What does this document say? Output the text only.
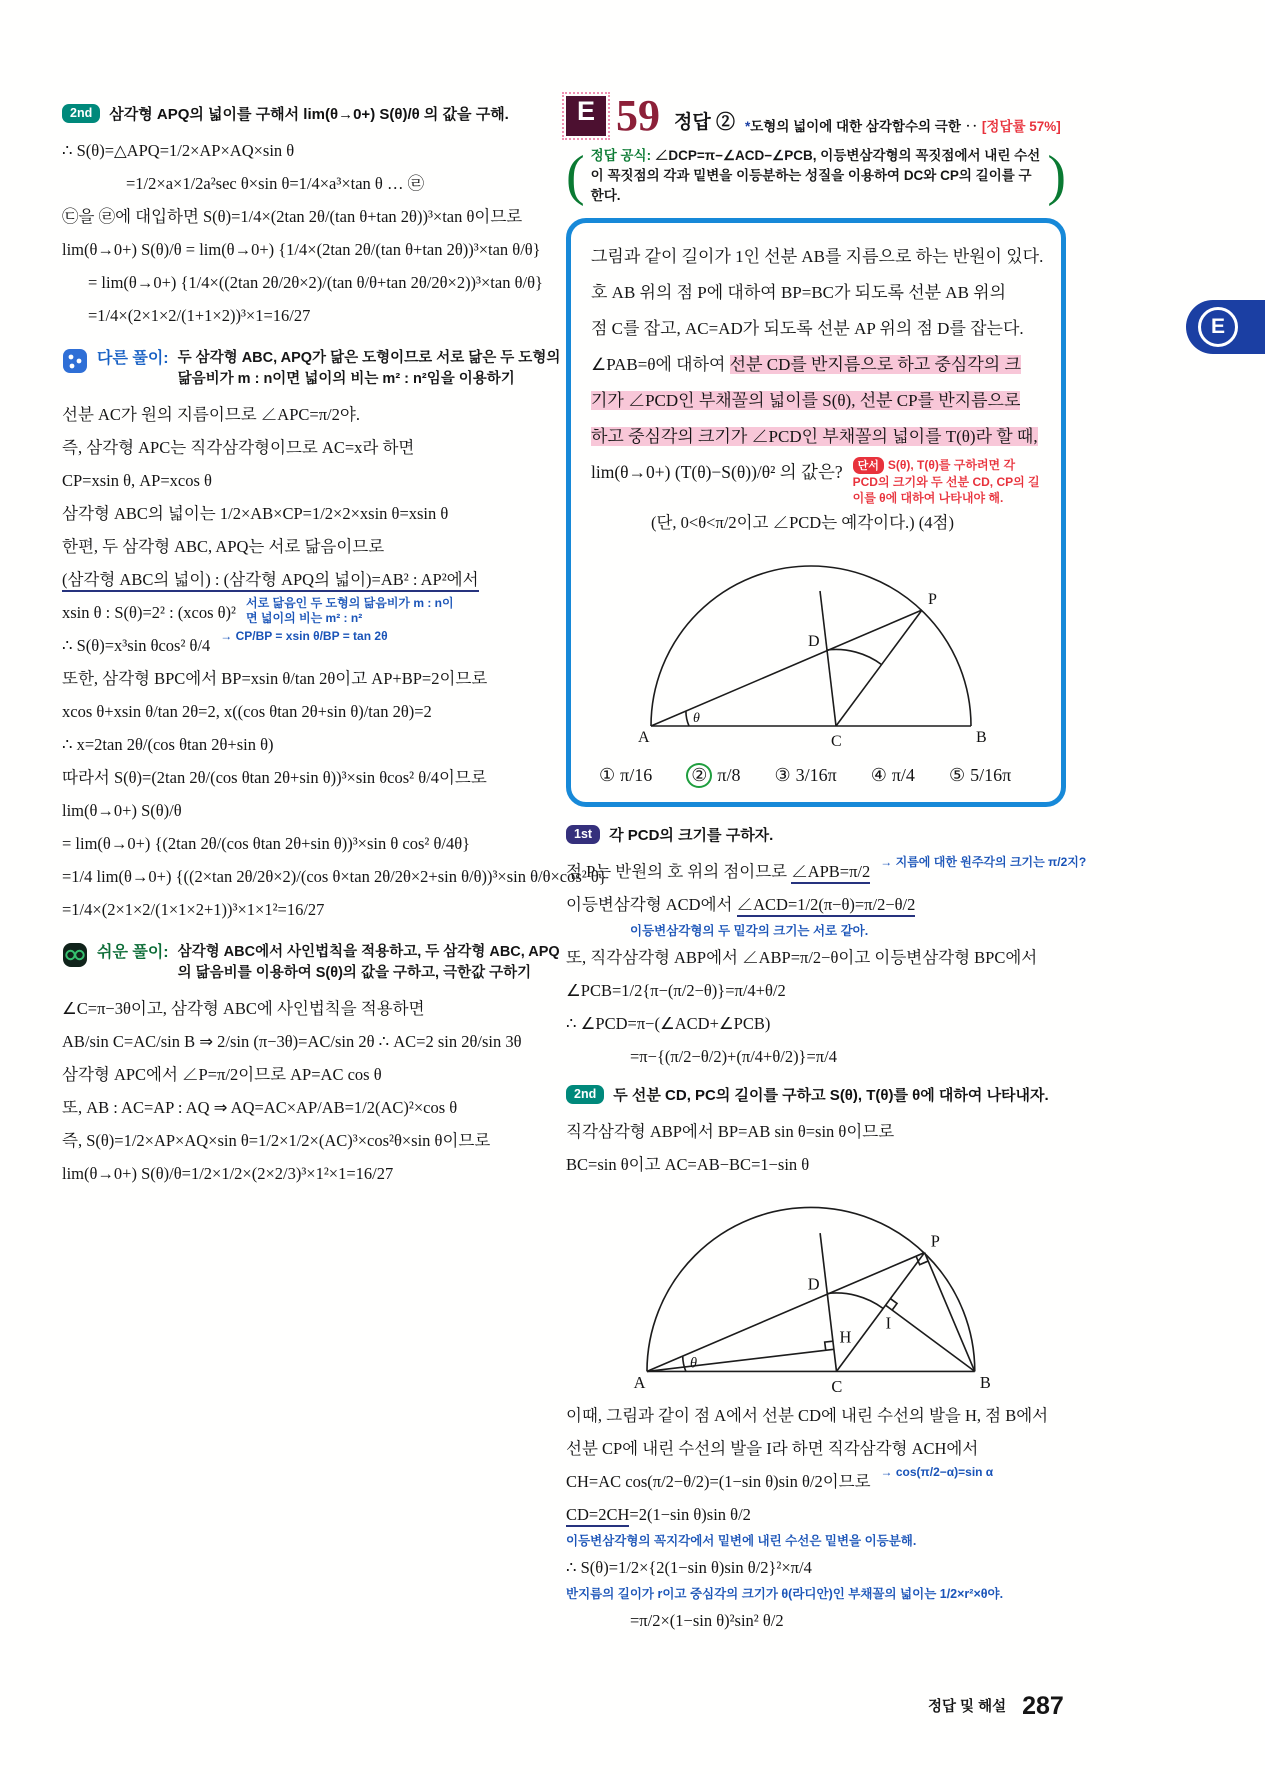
2nd 삼각형 APQ의 넓이를 구해서 lim(θ→0+) S(θ)/θ 의 값을 구해.
∴ S(θ)=△APQ=1/2×AP×AQ×sin θ
=1/2×a×1/2a²sec θ×sin θ=1/4×a³×tan θ … ㉣
㉢을 ㉣에 대입하면 S(θ)=1/4×(2tan 2θ/(tan θ+tan 2θ))³×tan θ이므로
lim(θ→0+) S(θ)/θ = lim(θ→0+) {1/4×(2tan 2θ/(tan θ+tan 2θ))³×tan θ/θ}
= lim(θ→0+) {1/4×((2tan 2θ/2θ×2)/(tan θ/θ+tan 2θ/2θ×2))³×tan θ/θ}
=1/4×(2×1×2/(1+1×2))³×1=16/27
다른 풀이: 두 삼각형 ABC, APQ가 닮은 도형이므로 서로 닮은 두 도형의 닮음비가 m : n이면 넓이의 비는 m² : n²임을 이용하기
선분 AC가 원의 지름이므로 ∠APC=π/2야.
즉, 삼각형 APC는 직각삼각형이므로 AC=x라 하면
CP=xsin θ, AP=xcos θ
삼각형 ABC의 넓이는 1/2×AB×CP=1/2×2×xsin θ=xsin θ
한편, 두 삼각형 ABC, APQ는 서로 닮음이므로
(삼각형 ABC의 넓이) : (삼각형 APQ의 넓이)=AB² : AP²에서
xsin θ : S(θ)=2² : (xcos θ)² 서로 닮음인 두 도형의 닮음비가 m : n이면 넓이의 비는 m² : n²
∴ S(θ)=x³sin θcos² θ/4 → CP/BP = xsin θ/BP = tan 2θ
또한, 삼각형 BPC에서 BP=xsin θ/tan 2θ이고 AP+BP=2이므로
xcos θ+xsin θ/tan 2θ=2, x((cos θtan 2θ+sin θ)/tan 2θ)=2
∴ x=2tan 2θ/(cos θtan 2θ+sin θ)
따라서 S(θ)=(2tan 2θ/(cos θtan 2θ+sin θ))³×sin θcos² θ/4이므로
lim(θ→0+) S(θ)/θ
= lim(θ→0+) {(2tan 2θ/(cos θtan 2θ+sin θ))³×sin θ cos² θ/4θ}
=1/4 lim(θ→0+) {((2×tan 2θ/2θ×2)/(cos θ×tan 2θ/2θ×2+sin θ/θ))³×sin θ/θ×cos² θ}
=1/4×(2×1×2/(1×1×2+1))³×1×1²=16/27
쉬운 풀이: 삼각형 ABC에서 사인법칙을 적용하고, 두 삼각형 ABC, APQ의 닮음비를 이용하여 S(θ)의 값을 구하고, 극한값 구하기
∠C=π−3θ이고, 삼각형 ABC에 사인법칙을 적용하면
AB/sin C=AC/sin B ⇒ 2/sin (π−3θ)=AC/sin 2θ ∴ AC=2 sin 2θ/sin 3θ
삼각형 APC에서 ∠P=π/2이므로 AP=AC cos θ
또, AB : AC=AP : AQ ⇒ AQ=AC×AP/AB=1/2(AC)²×cos θ
즉, S(θ)=1/2×AP×AQ×sin θ=1/2×1/2×(AC)³×cos²θ×sin θ이므로
lim(θ→0+) S(θ)/θ=1/2×1/2×(2×2/3)³×1²×1=16/27
E 59 정답 ② *도형의 넓이에 대한 삼각함수의 극한 ‥ [정답률 57%]
( 정답 공식: ∠DCP=π−∠ACD−∠PCB, 이등변삼각형의 꼭짓점에서 내린 수선 이 꼭짓점의 각과 밑변을 이등분하는 성질을 이용하여 DC와 CP의 길이를 구한다.	)
그림과 같이 길이가 1인 선분 AB를 지름으로 하는 반원이 있다.
호 AB 위의 점 P에 대하여 BP=BC가 되도록 선분 AB 위의
점 C를 잡고, AC=AD가 되도록 선분 AP 위의 점 D를 잡는다.
∠PAB=θ에 대하여 선분 CD를 반지름으로 하고 중심각의 크
기가 ∠PCD인 부채꼴의 넓이를 S(θ), 선분 CP를 반지름으로
하고 중심각의 크기가 ∠PCD인 부채꼴의 넓이를 T(θ)라 할 때,
lim(θ→0+) (T(θ)−S(θ))/θ² 의 값은?	단서 S(θ), T(θ)를 구하려면 각 PCD의 크기와 두 선분 CD, CP의 길이를 θ에 대하여 나타내야 해.
(단, 0<θ<π/2이고 ∠PCD는 예각이다.) (4점)
θ
A	B
C
D
P
① π/16 ② π/8 ③ 3/16π ④ π/4 ⑤ 5/16π
1st 각 PCD의 크기를 구하자.
점 P는 반원의 호 위의 점이므로 ∠APB=π/2 → 지름에 대한 원주각의 크기는 π/2지?
이등변삼각형 ACD에서 ∠ACD=1/2(π−θ)=π/2−θ/2
이등변삼각형의 두 밑각의 크기는 서로 같아.
또, 직각삼각형 ABP에서 ∠ABP=π/2−θ이고 이등변삼각형 BPC에서
∠PCB=1/2{π−(π/2−θ)}=π/4+θ/2
∴ ∠PCD=π−(∠ACD+∠PCB)
=π−{(π/2−θ/2)+(π/4+θ/2)}=π/4
2nd 두 선분 CD, PC의 길이를 구하고 S(θ), T(θ)를 θ에 대하여 나타내자.
직각삼각형 ABP에서 BP=AB sin θ=sin θ이므로
BC=sin θ이고 AC=AB−BC=1−sin θ
θ
A	B
C
D
P
H
I
이때, 그림과 같이 점 A에서 선분 CD에 내린 수선의 발을 H, 점 B에서
선분 CP에 내린 수선의 발을 I라 하면 직각삼각형 ACH에서
CH=AC cos(π/2−θ/2)=(1−sin θ)sin θ/2이므로 → cos(π/2−α)=sin α
CD=2CH=2(1−sin θ)sin θ/2
이등변삼각형의 꼭지각에서 밑변에 내린 수선은 밑변을 이등분해.
∴ S(θ)=1/2×{2(1−sin θ)sin θ/2}²×π/4
반지름의 길이가 r이고 중심각의 크기가 θ(라디안)인 부채꼴의 넓이는 1/2×r²×θ야.
=π/2×(1−sin θ)²sin² θ/2
정답 및 해설 287
E
